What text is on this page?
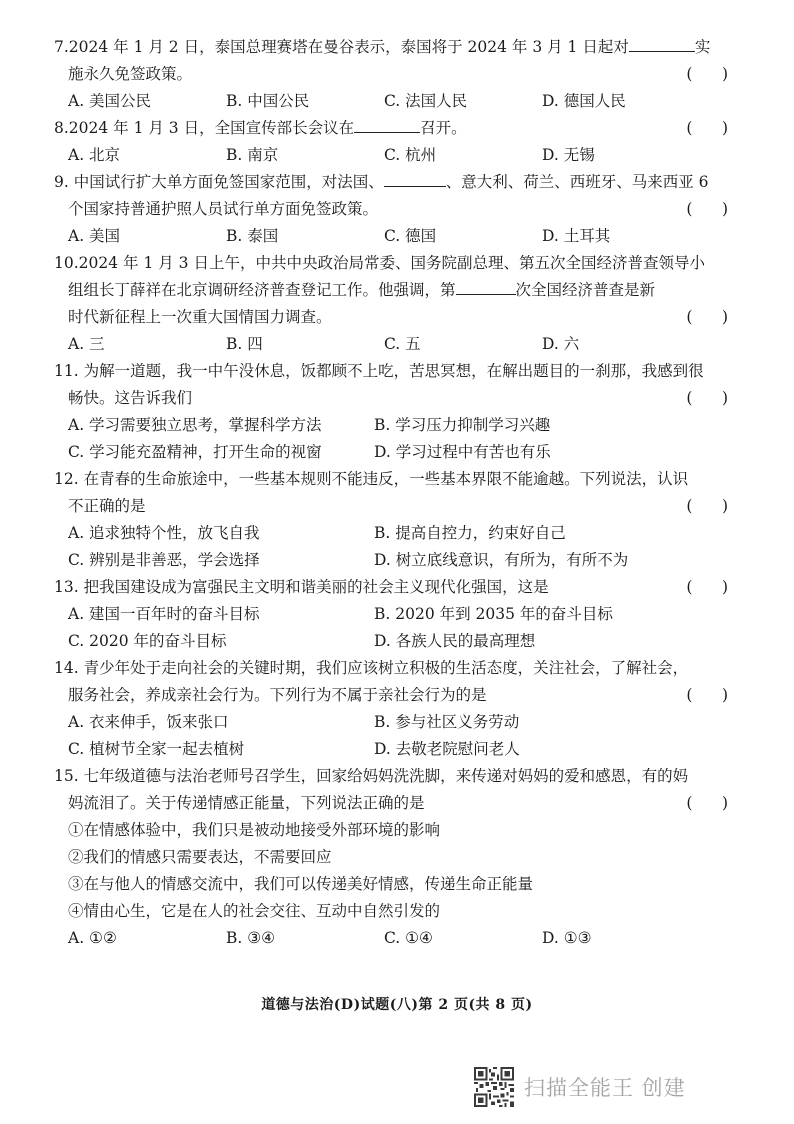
7.2024 年 1 月 2 日，泰国总理赛塔在曼谷表示，泰国将于 2024 年 3 月 1 日起对	实
施永久免签政策。	(      )
A. 美国公民	B. 中国公民	C. 法国人民	D. 德国人民
8.2024 年 1 月 3 日，全国宣传部长会议在	召开。	(      )
A. 北京	B. 南京	C. 杭州	D. 无锡
9. 中国试行扩大单方面免签国家范围，对法国、	、意大利、荷兰、西班牙、马来西亚 6
个国家持普通护照人员试行单方面免签政策。	(      )
A. 美国	B. 泰国	C. 德国	D. 土耳其
10.2024 年 1 月 3 日上午，中共中央政治局常委、国务院副总理、第五次全国经济普查领导小
组组长丁薛祥在北京调研经济普查登记工作。他强调，第	次全国经济普查是新
时代新征程上一次重大国情国力调查。	(      )
A. 三	B. 四	C. 五	D. 六
11. 为解一道题，我一中午没休息，饭都顾不上吃，苦思冥想，在解出题目的一刹那，我感到很
畅快。这告诉我们	(      )
A. 学习需要独立思考，掌握科学方法	B. 学习压力抑制学习兴趣
C. 学习能充盈精神，打开生命的视窗	D. 学习过程中有苦也有乐
12. 在青春的生命旅途中，一些基本规则不能违反，一些基本界限不能逾越。下列说法，认识
不正确的是	(      )
A. 追求独特个性，放飞自我	B. 提高自控力，约束好自己
C. 辨别是非善恶，学会选择	D. 树立底线意识，有所为，有所不为
13. 把我国建设成为富强民主文明和谐美丽的社会主义现代化强国，这是	(      )
A. 建国一百年时的奋斗目标	B. 2020 年到 2035 年的奋斗目标
C. 2020 年的奋斗目标	D. 各族人民的最高理想
14. 青少年处于走向社会的关键时期，我们应该树立积极的生活态度，关注社会，了解社会，
服务社会，养成亲社会行为。下列行为不属于亲社会行为的是	(      )
A. 衣来伸手，饭来张口	B. 参与社区义务劳动
C. 植树节全家一起去植树	D. 去敬老院慰问老人
15. 七年级道德与法治老师号召学生，回家给妈妈洗洗脚，来传递对妈妈的爱和感恩，有的妈
妈流泪了。关于传递情感正能量，下列说法正确的是	(      )
①在情感体验中，我们只是被动地接受外部环境的影响
②我们的情感只需要表达，不需要回应
③在与他人的情感交流中，我们可以传递美好情感，传递生命正能量
④情由心生，它是在人的社会交往、互动中自然引发的
A. ①②	B. ③④	C. ①④	D. ①③
道德与法治(D)试题(八)第 2 页(共 8 页)
扫描全能王 创建
